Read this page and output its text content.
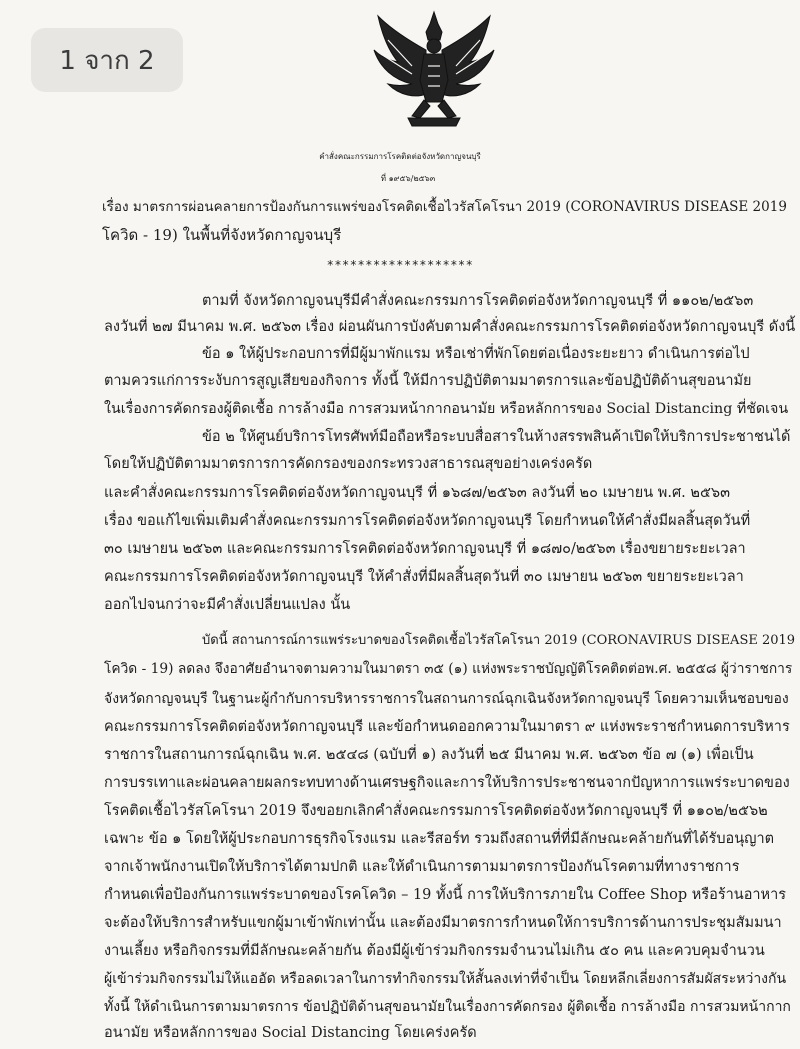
1 จาก 2
คำสั่งคณะกรรมการโรคติดต่อจังหวัดกาญจนบุรี
ที่ ๑๙๕๖/๒๕๖๓
เรื่อง มาตรการผ่อนคลายการป้องกันการแพร่ของโรคติดเชื้อไวรัสโคโรนา 2019 (CORONAVIRUS DISEASE 2019
โควิด - 19) ในพื้นที่จังหวัดกาญจนบุรี
*******************
ตามที่ จังหวัดกาญจนบุรีมีคำสั่งคณะกรรมการโรคติดต่อจังหวัดกาญจนบุรี ที่ ๑๑๐๒/๒๕๖๓
ลงวันที่ ๒๗ มีนาคม พ.ศ. ๒๕๖๓ เรื่อง ผ่อนผันการบังคับตามคำสั่งคณะกรรมการโรคติดต่อจังหวัดกาญจนบุรี ดังนี้
ข้อ ๑ ให้ผู้ประกอบการที่มีผู้มาพักแรม หรือเช่าที่พักโดยต่อเนื่องระยะยาว ดำเนินการต่อไป
ตามควรแก่การระงับการสูญเสียของกิจการ ทั้งนี้ ให้มีการปฏิบัติตามมาตรการและข้อปฏิบัติด้านสุขอนามัย
ในเรื่องการคัดกรองผู้ติดเชื้อ การล้างมือ การสวมหน้ากากอนามัย หรือหลักการของ Social Distancing ที่ชัดเจน
ข้อ ๒ ให้ศูนย์บริการโทรศัพท์มือถือหรือระบบสื่อสารในห้างสรรพสินค้าเปิดให้บริการประชาชนได้
โดยให้ปฏิบัติตามมาตรการการคัดกรองของกระทรวงสาธารณสุขอย่างเคร่งครัด
และคำสั่งคณะกรรมการโรคติดต่อจังหวัดกาญจนบุรี ที่ ๑๖๘๗/๒๕๖๓ ลงวันที่ ๒๐ เมษายน พ.ศ. ๒๕๖๓
เรื่อง ขอแก้ไขเพิ่มเติมคำสั่งคณะกรรมการโรคติดต่อจังหวัดกาญจนบุรี โดยกำหนดให้คำสั่งมีผลสิ้นสุดวันที่
๓๐ เมษายน ๒๕๖๓ และคณะกรรมการโรคติดต่อจังหวัดกาญจนบุรี ที่ ๑๘๗๐/๒๕๖๓ เรื่องขยายระยะเวลา
คณะกรรมการโรคติดต่อจังหวัดกาญจนบุรี ให้คำสั่งที่มีผลสิ้นสุดวันที่ ๓๐ เมษายน ๒๕๖๓ ขยายระยะเวลา
ออกไปจนกว่าจะมีคำสั่งเปลี่ยนแปลง นั้น
บัดนี้ สถานการณ์การแพร่ระบาดของโรคติดเชื้อไวรัสโคโรนา 2019 (CORONAVIRUS DISEASE 2019
โควิด - 19) ลดลง จึงอาศัยอำนาจตามความในมาตรา ๓๕ (๑) แห่งพระราชบัญญัติโรคติดต่อพ.ศ. ๒๕๕๘ ผู้ว่าราชการ
จังหวัดกาญจนบุรี ในฐานะผู้กำกับการบริหารราชการในสถานการณ์ฉุกเฉินจังหวัดกาญจนบุรี โดยความเห็นชอบของ
คณะกรรมการโรคติดต่อจังหวัดกาญจนบุรี และข้อกำหนดออกความในมาตรา ๙ แห่งพระราชกำหนดการบริหาร
ราชการในสถานการณ์ฉุกเฉิน พ.ศ. ๒๕๔๘ (ฉบับที่ ๑) ลงวันที่ ๒๕ มีนาคม พ.ศ. ๒๕๖๓ ข้อ ๗ (๑) เพื่อเป็น
การบรรเทาและผ่อนคลายผลกระทบทางด้านเศรษฐกิจและการให้บริการประชาชนจากปัญหาการแพร่ระบาดของ
โรคติดเชื้อไวรัสโคโรนา 2019 จึงขอยกเลิกคำสั่งคณะกรรมการโรคติดต่อจังหวัดกาญจนบุรี ที่ ๑๑๐๒/๒๕๖๒
เฉพาะ ข้อ ๑ โดยให้ผู้ประกอบการธุรกิจโรงแรม และรีสอร์ท รวมถึงสถานที่ที่มีลักษณะคล้ายกันที่ได้รับอนุญาต
จากเจ้าพนักงานเปิดให้บริการได้ตามปกติ และให้ดำเนินการตามมาตรการป้องกันโรคตามที่ทางราชการ
กำหนดเพื่อป้องกันการแพร่ระบาดของโรคโควิด – 19 ทั้งนี้ การให้บริการภายใน Coffee Shop หรือร้านอาหาร
จะต้องให้บริการสำหรับแขกผู้มาเข้าพักเท่านั้น และต้องมีมาตรการกำหนดให้การบริการด้านการประชุมสัมมนา
งานเลี้ยง หรือกิจกรรมที่มีลักษณะคล้ายกัน ต้องมีผู้เข้าร่วมกิจกรรมจำนวนไม่เกิน ๕๐ คน และควบคุมจำนวน
ผู้เข้าร่วมกิจกรรมไม่ให้แออัด หรือลดเวลาในการทำกิจกรรมให้สั้นลงเท่าที่จำเป็น โดยหลีกเลี่ยงการสัมผัสระหว่างกัน
ทั้งนี้ ให้ดำเนินการตามมาตรการ ข้อปฏิบัติด้านสุขอนามัยในเรื่องการคัดกรอง ผู้ติดเชื้อ การล้างมือ การสวมหน้ากาก
อนามัย หรือหลักการของ Social Distancing โดยเคร่งครัด
